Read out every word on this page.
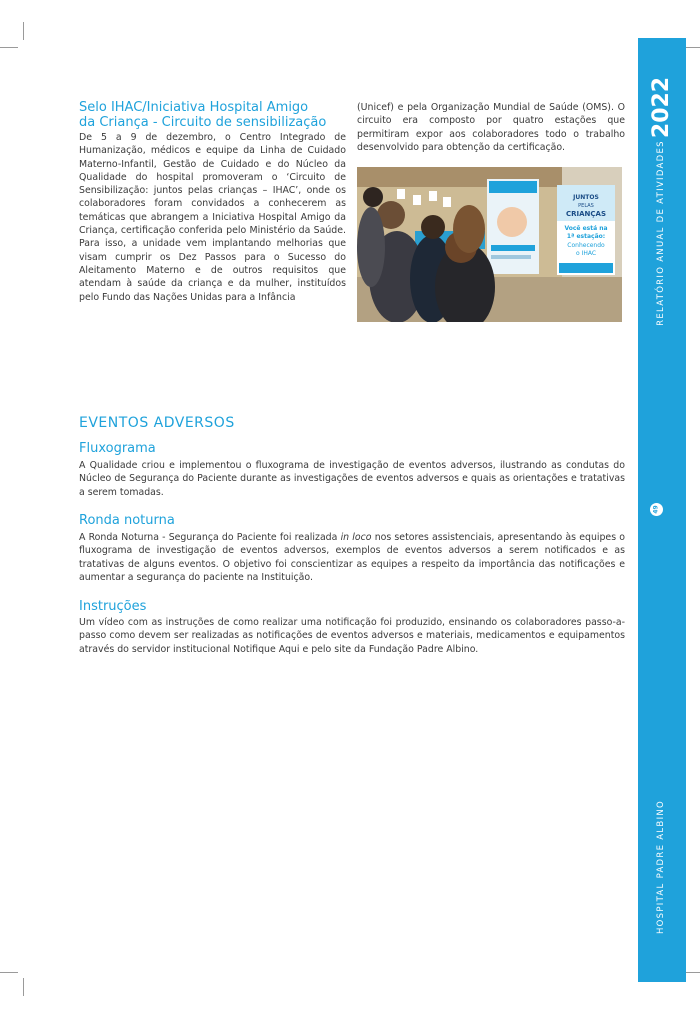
2022
RELATÓRIO ANUAL DE ATIVIDADES
49
HOSPITAL PADRE ALBINO
Selo IHAC/Iniciativa Hospital Amigo
da Criança - Circuito de sensibilização

De 5 a 9 de dezembro, o Centro Integrado de Humanização, médicos e equipe da Linha de Cuidado Materno-Infantil, Gestão de Cuidado e do Núcleo da Qualidade do hospital promoveram o ‘Circuito de Sensibilização: juntos pelas crianças – IHAC’, onde os colaboradores foram convidados a conhecerem as temáticas que abrangem a Iniciativa Hospital Amigo da Criança, certificação conferida pelo Ministério da Saúde. Para isso, a unidade vem implantando melhorias que visam cumprir os Dez Passos para o Sucesso do Aleitamento Materno e de outros requisitos que atendam à saúde da criança e da mulher, instituídos pelo Fundo das Nações Unidas para a Infância

(Unicef) e pela Organização Mundial de Saúde (OMS). O circuito era composto por quatro estações que permitiram expor aos colaboradores todo o trabalho desenvolvido para obtenção da certificação.

JUNTOS
PELAS
CRIANÇAS
Você está na
1ª estação:
Conhecendo
o IHAC
EVENTOS ADVERSOS
Fluxograma

A Qualidade criou e implementou o fluxograma de investigação de eventos adversos, ilustrando as condutas do Núcleo de Segurança do Paciente durante as investigações de eventos adversos e quais as orientações e tratativas a serem tomadas.

Ronda noturna

A Ronda Noturna - Segurança do Paciente foi realizada in loco nos setores assistenciais, apresentando às equipes o fluxograma de investigação de eventos adversos, exemplos de eventos adversos a serem notificados e as tratativas de alguns eventos. O objetivo foi conscientizar as equipes a respeito da importância das notificações e aumentar a segurança do paciente na Instituição.

Instruções

Um vídeo com as instruções de como realizar uma notificação foi produzido, ensinando os colaboradores passo-a-passo como devem ser realizadas as notificações de eventos adversos e materiais, medicamentos e equipamentos através do servidor institucional Notifique Aqui e pelo site da Fundação Padre Albino.
